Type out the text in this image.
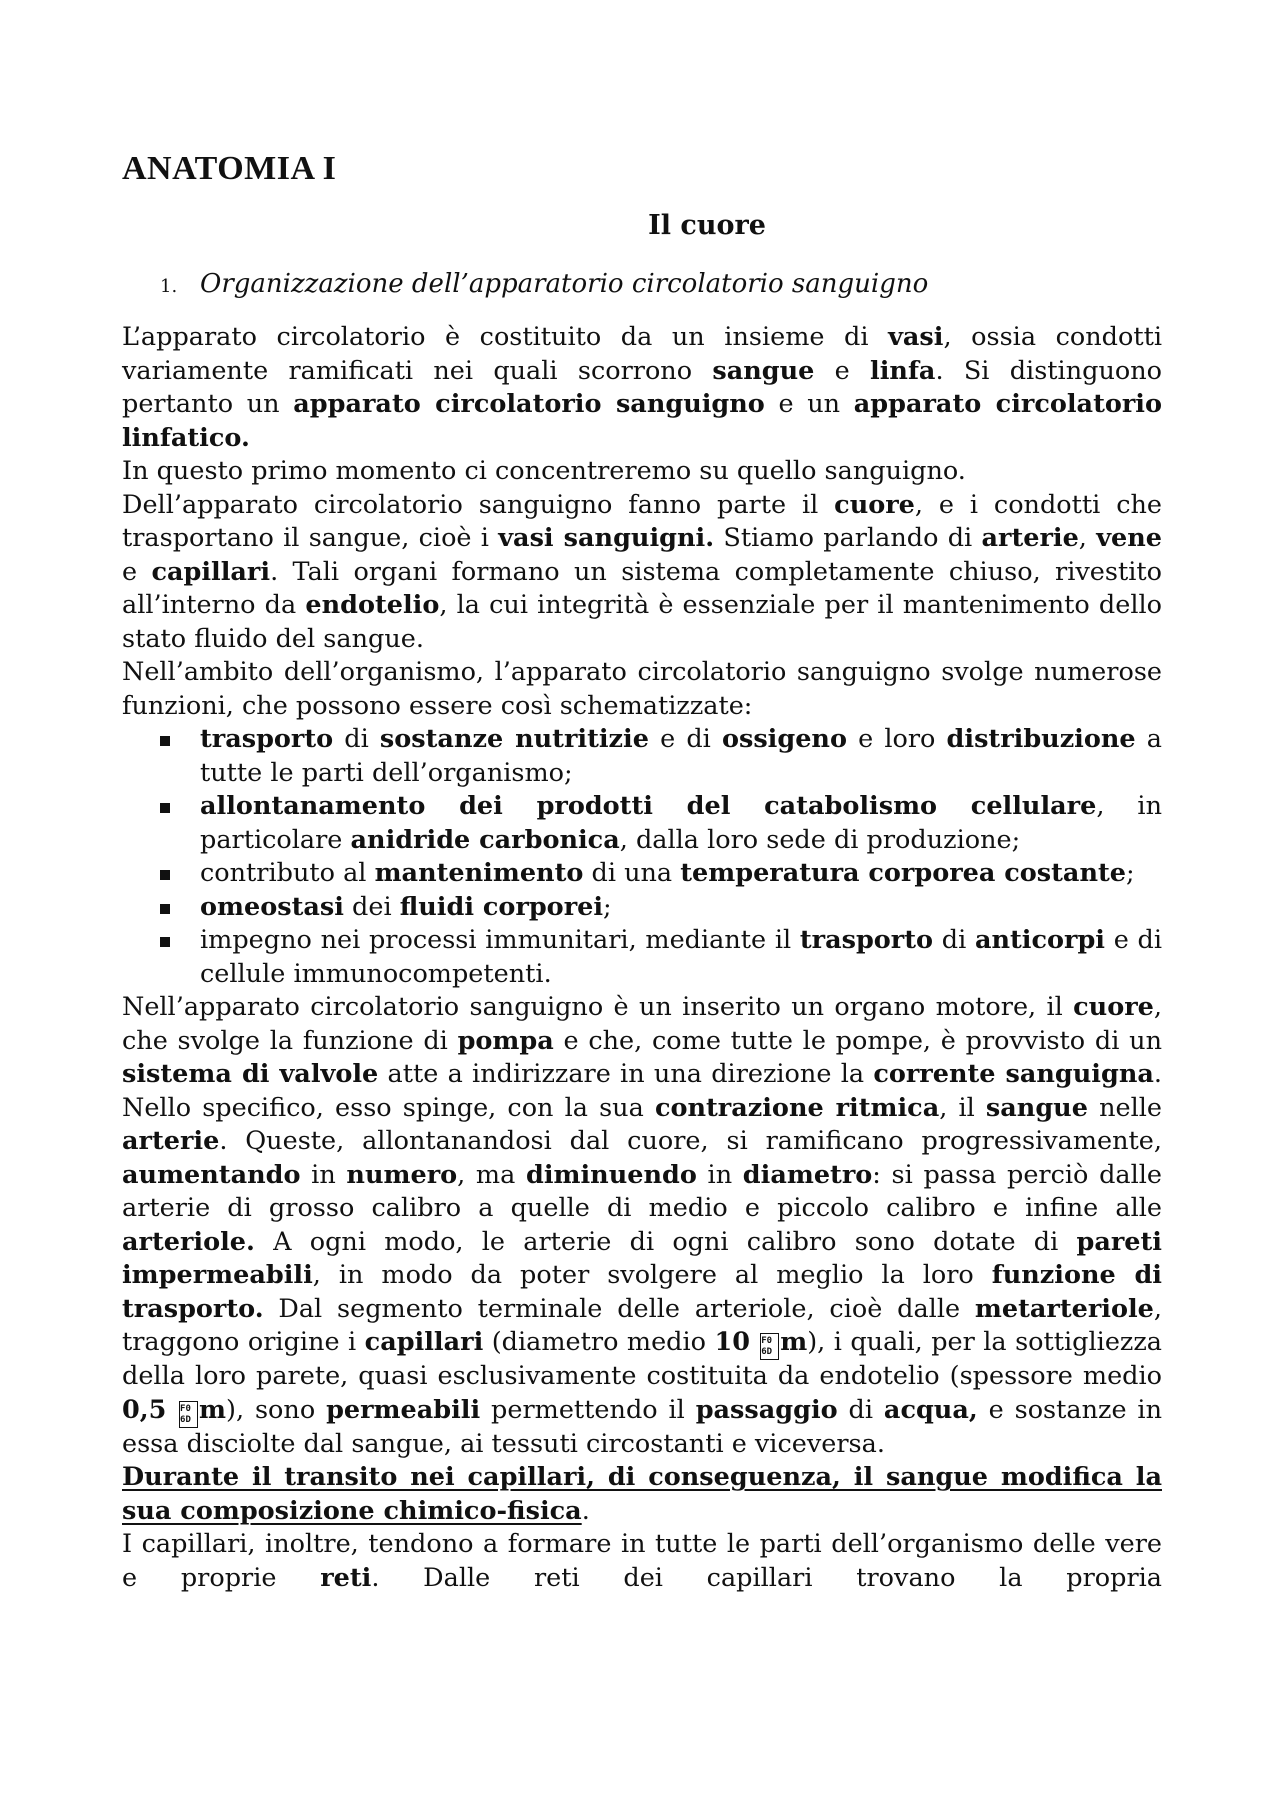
ANATOMIA I
Il cuore
1. Organizzazione dell’apparatorio circolatorio sanguigno

L’apparato circolatorio è costituito da un insieme di vasi, ossia condotti variamente ramificati nei quali scorrono sangue e linfa. Si distinguono pertanto un apparato circolatorio sanguigno e un apparato circolatorio linfatico.

In questo primo momento ci concentreremo su quello sanguigno.

Dell’apparato circolatorio sanguigno fanno parte il cuore, e i condotti che trasportano il sangue, cioè i vasi sanguigni. Stiamo parlando di arterie, vene e capillari. Tali organi formano un sistema completamente chiuso, rivestito all’interno da endotelio, la cui integrità è essenziale per il mantenimento dello stato fluido del sangue.

Nell’ambito dell’organismo, l’apparato circolatorio sanguigno svolge numerose funzioni, che possono essere così schematizzate:

trasporto di sostanze nutritizie e di ossigeno e loro distribuzione a tutte le parti dell’organismo;
allontanamento dei prodotti del catabolismo cellulare, in particolare anidride carbonica, dalla loro sede di produzione;
contributo al mantenimento di una temperatura corporea costante;
omeostasi dei fluidi corporei;
impegno nei processi immunitari, mediante il trasporto di anticorpi e di cellule immunocompetenti.

Nell’apparato circolatorio sanguigno è un inserito un organo motore, il cuore, che svolge la funzione di pompa e che, come tutte le pompe, è provvisto di un sistema di valvole atte a indirizzare in una direzione la corrente sanguigna. Nello specifico, esso spinge, con la sua contrazione ritmica, il sangue nelle arterie. Queste, allontanandosi dal cuore, si ramificano progressivamente, aumentando in numero, ma diminuendo in diametro: si passa perciò dalle arterie di grosso calibro a quelle di medio e piccolo calibro e infine alle arteriole. A ogni modo, le arterie di ogni calibro sono dotate di pareti impermeabili, in modo da poter svolgere al meglio la loro funzione di trasporto. Dal segmento terminale delle arteriole, cioè dalle metarteriole, traggono origine i capillari (diametro medio 10 F0
6D m), i quali, per la sottigliezza della loro parete, quasi esclusivamente costituita da endotelio (spessore medio 0,5 F0
6D m), sono permeabili permettendo il passaggio di acqua, e sostanze in essa disciolte dal sangue, ai tessuti circostanti e viceversa.

Durante il transito nei capillari, di conseguenza, il sangue modifica la sua composizione chimico-fisica.

I capillari, inoltre, tendono a formare in tutte le parti dell’organismo delle vere e proprie reti. Dalle reti dei capillari trovano la propria
